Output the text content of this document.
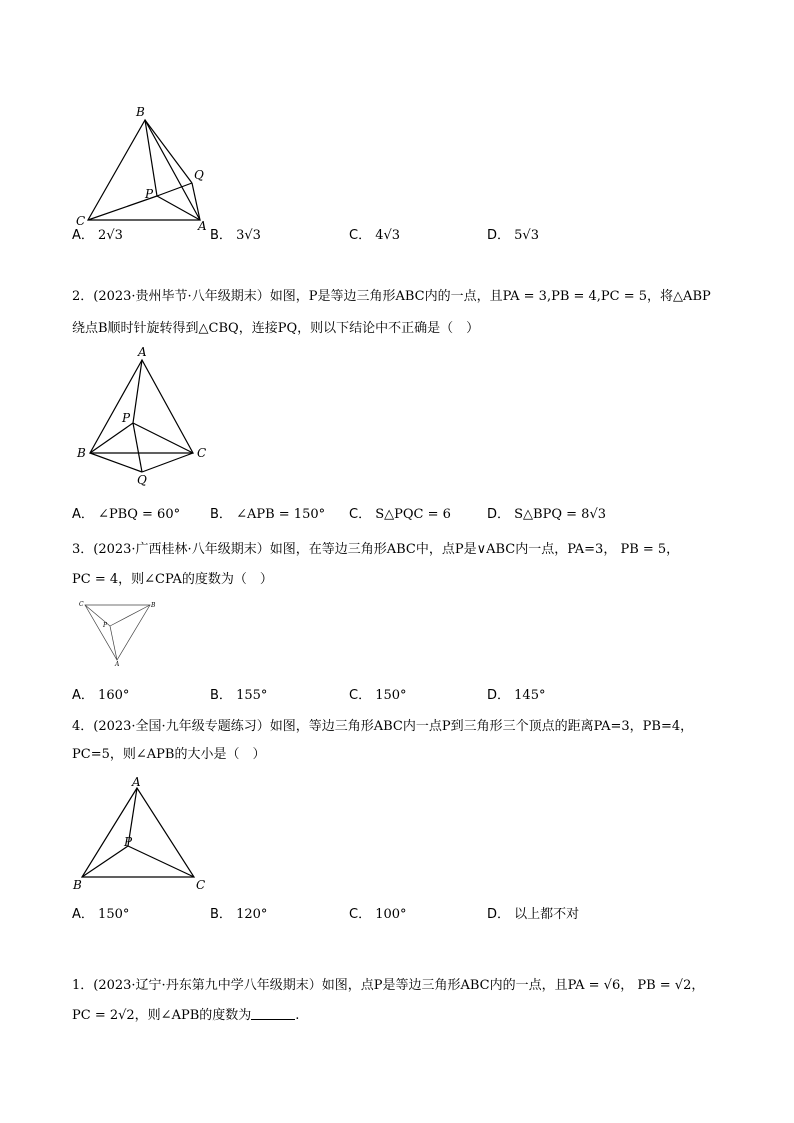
B
Q
P
C	A
A． 2√3	B． 3√3	C． 4√3	D． 5√3
2．(2023·贵州毕节·八年级期末）如图，P是等边三角形ABC内的一点，且PA = 3,PB = 4,PC = 5，将△ABP
绕点B顺时针旋转得到△CBQ，连接PQ，则以下结论中不正确是（　）
A
P
B	C
Q
A． ∠PBQ = 60° B． ∠APB = 150° C． S△PQC = 6	D． S△BPQ = 8√3
3．(2023·广西桂林·八年级期末）如图，在等边三角形ABC中，点P是∨ABC内一点，PA=3， PB = 5，
PC = 4，则∠CPA的度数为（　）
C	B
P
A
A． 160°	B． 155°	C． 150°	D． 145°
4．(2023·全国·九年级专题练习）如图，等边三角形ABC内一点P到三角形三个顶点的距离PA=3，PB=4，
PC=5，则∠APB的大小是（　）
A
P
B	C
A． 150°	B． 120°	C． 100°	D． 以上都不对
1．(2023·辽宁·丹东第九中学八年级期末）如图，点P是等边三角形ABC内的一点，且PA = √6， PB = √2，
PC = 2√2，则∠APB的度数为	.
